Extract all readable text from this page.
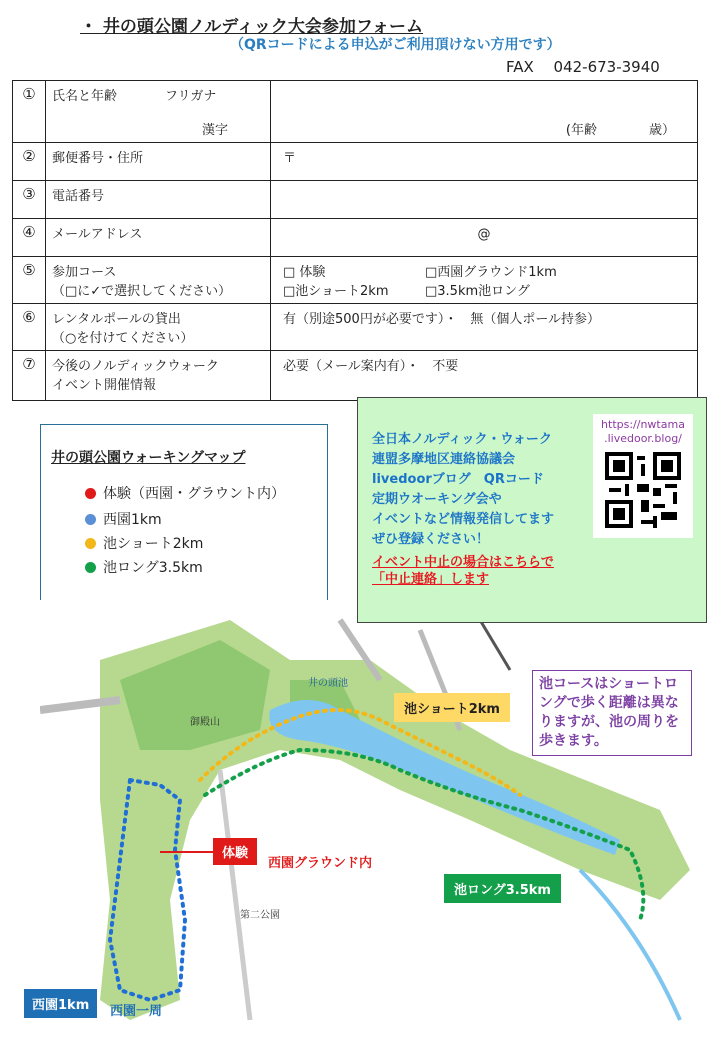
・ 井の頭公園ノルディック大会参加フォーム
（QRコードによる申込がご利用頂けない方用です）
FAX　 042-673-3940
①	氏名と年齢 フリガナ

漢字	(年齢　　　　歳）

②	郵便番号・住所	〒
③	電話番号	
④	メールアドレス	@
⑤	参加コース
（□に✓で選択してください）	□ 体験 □西園グラウンド1km
□池ショート2km □3.5km池ロング
⑥	レンタルポールの貸出
（○を付けてください）	有（別途500円が必要です）・　無（個人ポール持参）
⑦	今後のノルディックウォーク
イベント開催情報	必要（メール案内有）・　不要
井の頭公園ウォーキングマップ
体験（西園・グラウント内）
西園1km
池ショート2km
池ロング3.5km
御殿山
井の頭池
第二公園
池ショート2km
池ロング3.5km
体験
西園グラウンド内
西園1km	西園一周
池コースはショートロングで歩く距離は異なりますが、池の周りを歩きます。
全日本ノルディック・ウォーク
連盟多摩地区連絡協議会
livedoorブログ　QRコード
定期ウオーキング会や
イベントなど情報発信してます
ぜひ登録ください！
イベント中止の場合はこちらで
「中止連絡」します
https://nwtama
.livedoor.blog/
